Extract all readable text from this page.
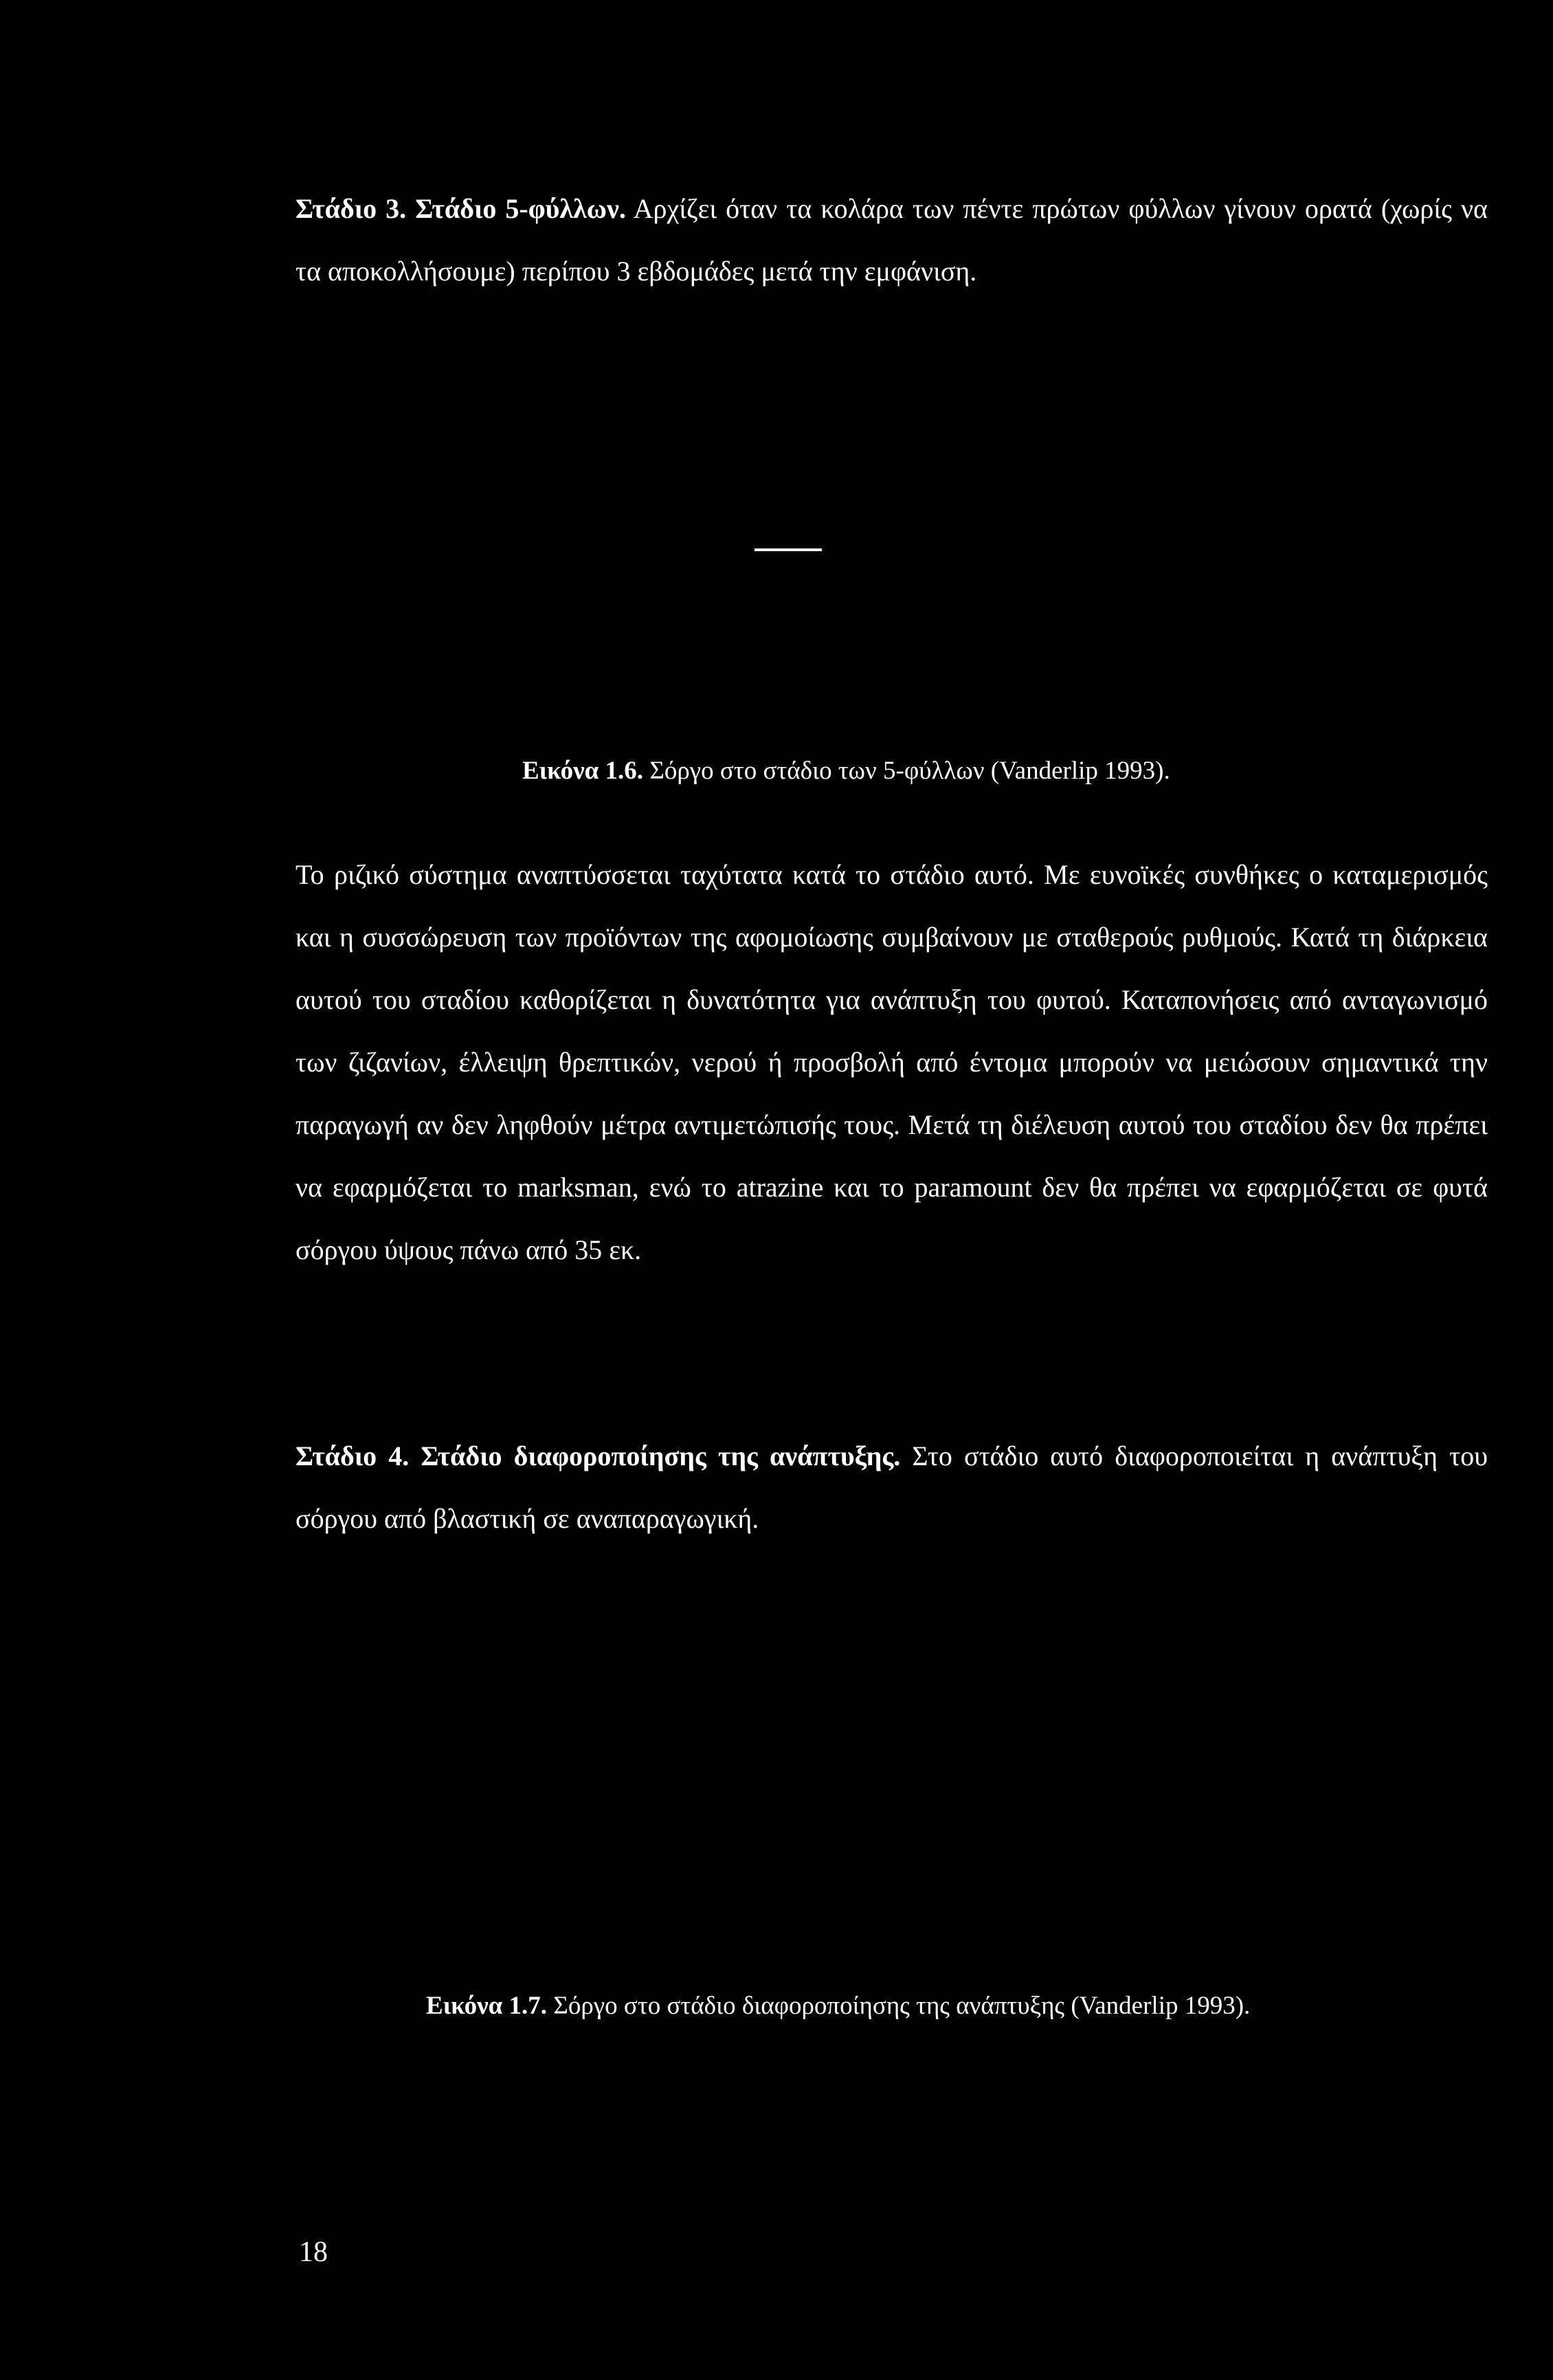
Στάδιο 3. Στάδιο 5-φύλλων. Αρχίζει όταν τα κολάρα των πέντε πρώτων φύλλων γίνουν ορατά (χωρίς να τα αποκολλήσουμε) περίπου 3 εβδομάδες μετά την εμφάνιση.

Εικόνα 1.6. Σόργο στο στάδιο των 5-φύλλων (Vanderlip 1993).

Το ριζικό σύστημα αναπτύσσεται ταχύτατα κατά το στάδιο αυτό. Με ευνοϊκές συνθήκες ο καταμερισμός και η συσσώρευση των προϊόντων της αφομοίωσης συμβαίνουν με σταθερούς ρυθμούς. Κατά τη διάρκεια αυτού του σταδίου καθορίζεται η δυνατότητα για ανάπτυξη του φυτού. Καταπονήσεις από ανταγωνισμό των ζιζανίων, έλλειψη θρεπτικών, νερού ή προσβολή από έντομα μπορούν να μειώσουν σημαντικά την παραγωγή αν δεν ληφθούν μέτρα αντιμετώπισής τους. Μετά τη διέλευση αυτού του σταδίου δεν θα πρέπει να εφαρμόζεται το marksman, ενώ το atrazine και το paramount δεν θα πρέπει να εφαρμόζεται σε φυτά σόργου ύψους πάνω από 35 εκ.

Στάδιο 4. Στάδιο διαφοροποίησης της ανάπτυξης. Στο στάδιο αυτό διαφοροποιείται η ανάπτυξη του σόργου από βλαστική σε αναπαραγωγική.

Εικόνα 1.7. Σόργο στο στάδιο διαφοροποίησης της ανάπτυξης (Vanderlip 1993).

18
